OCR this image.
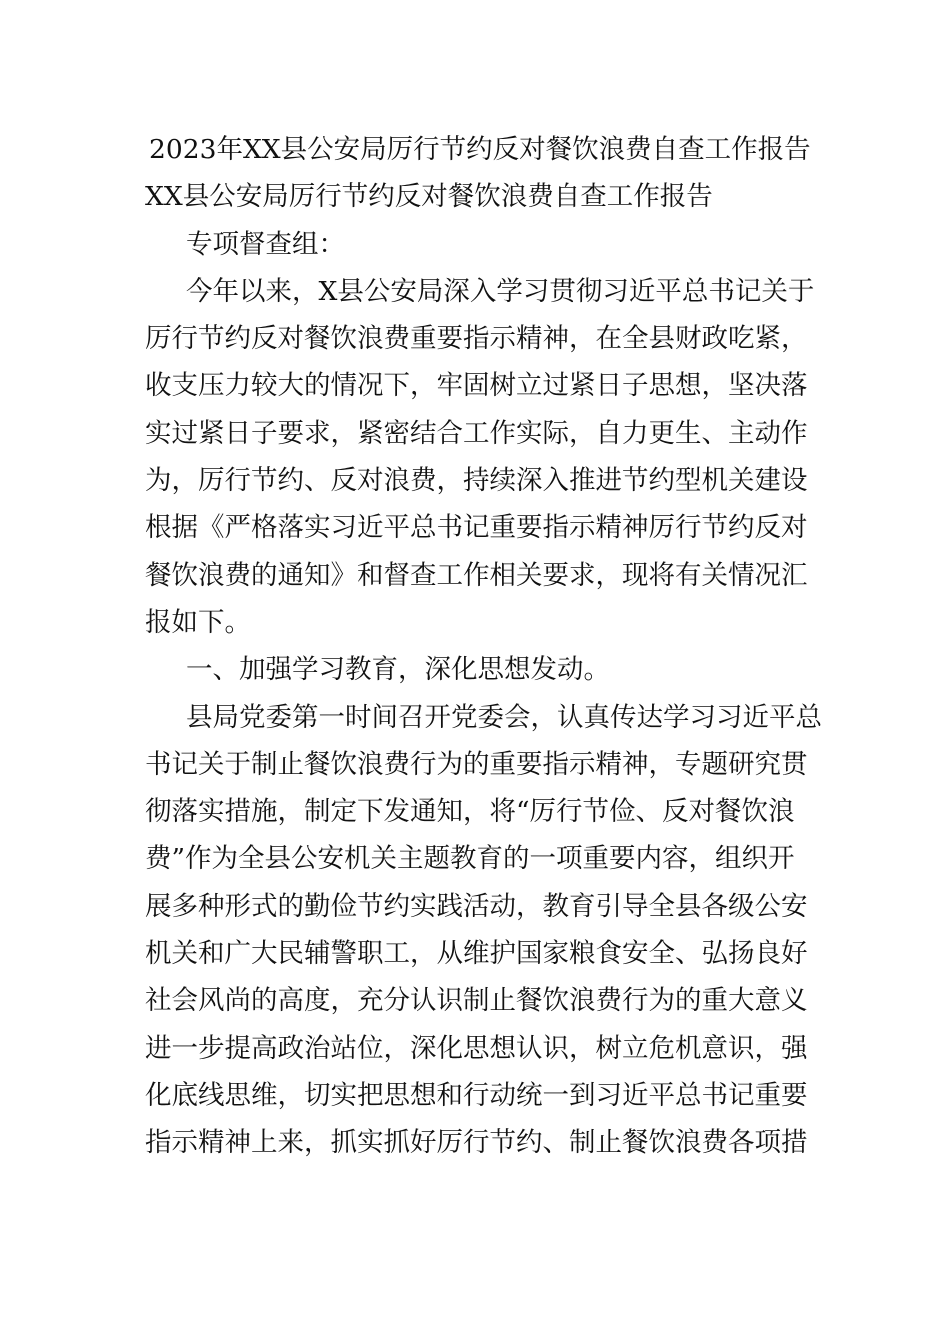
2023年XX县公安局厉行节约反对餐饮浪费自查工作报告
XX县公安局厉行节约反对餐饮浪费自查工作报告
专项督查组：
今年以来，X县公安局深入学习贯彻习近平总书记关于
厉行节约反对餐饮浪费重要指示精神，在全县财政吃紧，
收支压力较大的情况下，牢固树立过紧日子思想，坚决落
实过紧日子要求，紧密结合工作实际，自力更生、主动作
为，厉行节约、反对浪费，持续深入推进节约型机关建设
根据《严格落实习近平总书记重要指示精神厉行节约反对
餐饮浪费的通知》和督查工作相关要求，现将有关情况汇
报如下。
一、加强学习教育，深化思想发动。
县局党委第一时间召开党委会，认真传达学习习近平总
书记关于制止餐饮浪费行为的重要指示精神，专题研究贯
彻落实措施，制定下发通知，将“厉行节俭、反对餐饮浪
费”作为全县公安机关主题教育的一项重要内容，组织开
展多种形式的勤俭节约实践活动，教育引导全县各级公安
机关和广大民辅警职工，从维护国家粮食安全、弘扬良好
社会风尚的高度，充分认识制止餐饮浪费行为的重大意义
进一步提高政治站位，深化思想认识，树立危机意识，强
化底线思维，切实把思想和行动统一到习近平总书记重要
指示精神上来，抓实抓好厉行节约、制止餐饮浪费各项措
